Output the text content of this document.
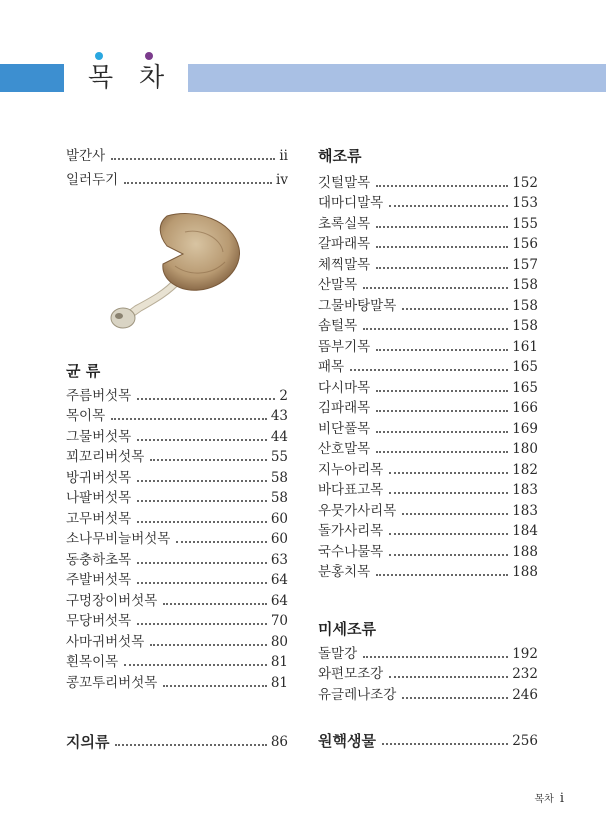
목 차
발간사	ii
일러두기	iv
균 류
주름버섯목	2
목이목	43
그물버섯목	44
꾀꼬리버섯목	55
방귀버섯목	58
나팔버섯목	58
고무버섯목	60
소나무비늘버섯목	60
동충하초목	63
주발버섯목	64
구멍장이버섯목	64
무당버섯목	70
사마귀버섯목	80
흰목이목	81
콩꼬투리버섯목	81
지의류	86
해조류
깃털말목	152
대마디말목	153
초록실목	155
갈파래목	156
체찍말목	157
산말목	158
그물바탕말목	158
솜털목	158
뜸부기목	161
패목	165
다시마목	165
김파래목	166
비단풀목	169
산호말목	180
지누아리목	182
바다표고목	183
우뭇가사리목	183
돌가사리목	184
국수나물목	188
분홍치목	188
미세조류
돌말강	192
와편모조강	232
유글레나조강	246
원핵생물	256
목차 i
